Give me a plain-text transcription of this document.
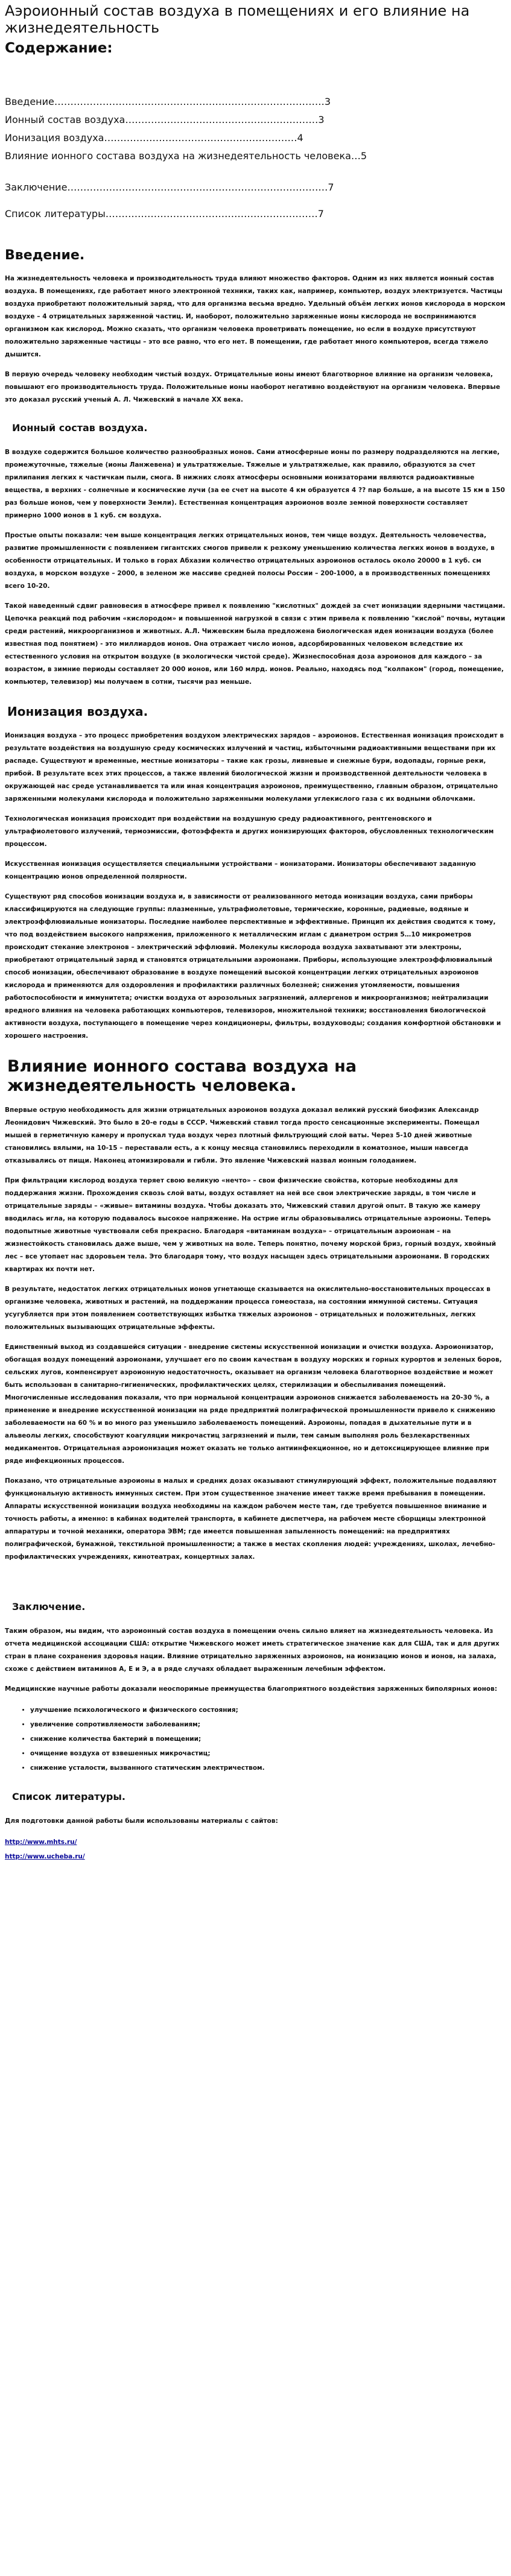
Аэроионный состав воздуха в помещениях и его влияние на жизнедеятельность
Содержание:
Введение…………………………………………………………………………3
Ионный состав воздуха……………………………………………………3
Ионизация воздуха……………………………………………………4
Влияние ионного состава воздуха на жизнедеятельность человека…5
Заключение………………………………………………………………………7
Список литературы…………………………………………………………7
Введение.

На жизнедеятельность человека и производительность труда влияют множество факторов. Одним из них является ионный состав воздуха. В помещениях, где работает много электронной техники, таких как, например, компьютер, воздух электризуется. Частицы воздуха приобретают положительный заряд, что для организма весьма вредно. Удельный объём легких ионов кислорода в морском воздухе – 4 отрицательных заряженной частиц. И, наоборот, положительно заряженные ионы кислорода не воспринимаются организмом как кислород. Можно сказать, что организм человека проветривать помещение, но если в воздухе присутствуют положительно заряженные частицы – это все равно, что его нет. В помещении, где работает много компьютеров, всегда тяжело дышится.

В первую очередь человеку необходим чистый воздух. Отрицательные ионы имеют благотворное влияние на организм человека, повышают его производительность труда. Положительные ионы наоборот негативно воздействуют на организм человека. Впервые это доказал русский ученый А. Л. Чижевский в начале XX века.

Ионный состав воздуха.

В воздухе содержится большое количество разнообразных ионов. Сами атмосферные ионы по размеру подразделяются на легкие, промежуточные, тяжелые (ионы Ланжевена) и ультратяжелые. Тяжелые и ультратяжелые, как правило, образуются за счет прилипания легких к частичкам пыли, смога. В нижних слоях атмосферы основными ионизаторами являются радиоактивные вещества, в верхних - солнечные и космические лучи (за ее счет на высоте 4 км образуется 4 ?? пар больше, а на высоте 15 км в 150 раз больше ионов, чем у поверхности Земли). Естественная концентрация аэроионов возле земной поверхности составляет примерно 1000 ионов в 1 куб. см воздуха.

Простые опыты показали: чем выше концентрация легких отрицательных ионов, тем чище воздух. Деятельность человечества, развитие промышленности с появлением гигантских смогов привели к резкому уменьшению количества легких ионов в воздухе, в особенности отрицательных. И только в горах Абхазии количество отрицательных аэроионов осталось около 20000 в 1 куб. см воздуха, в морском воздухе – 2000, в зеленом же массиве средней полосы России – 200-1000, а в производственных помещениях всего 10-20.

Такой наведенный сдвиг равновесия в атмосфере привел к появлению "кислотных" дождей за счет ионизации ядерными частицами. Цепочка реакций под рабочим «кислородом» и повышенной нагрузкой в связи с этим привела к появлению "кислой" почвы, мутации среди растений, микроорганизмов и животных. А.Л. Чижевским была предложена биологическая идея ионизации воздуха (более известная под понятием) - это миллиардов ионов. Она отражает число ионов, адсорбированных человеком вследствие их естественного условия на открытом воздухе (в экологически чистой среде). Жизнеспособная доза аэроионов для каждого – за возрастом, в зимние периоды составляет 20 000 ионов, или 160 млрд. ионов. Реально, находясь под "колпаком" (город, помещение, компьютер, телевизор) мы получаем в сотни, тысячи раз меньше.

Ионизация воздуха.

Ионизация воздуха – это процесс приобретения воздухом электрических зарядов – аэроионов. Естественная ионизация происходит в результате воздействия на воздушную среду космических излучений и частиц, избыточными радиоактивными веществами при их распаде. Существуют и временные, местные ионизаторы – такие как грозы, ливневые и снежные бури, водопады, горные реки, прибой. В результате всех этих процессов, а также явлений биологической жизни и производственной деятельности человека в окружающей нас среде устанавливается та или иная концентрация аэроионов, преимущественно, главным образом, отрицательно заряженными молекулами кислорода и положительно заряженными молекулами углекислого газа с их водными облочками.

Технологическая ионизация происходит при воздействии на воздушную среду радиоактивного, рентгеновского и ультрафиолетового излучений, термоэмиссии, фотоэффекта и других ионизирующих факторов, обусловленных технологическим процессом.

Искусственная ионизация осуществляется специальными устройствами – ионизаторами. Ионизаторы обеспечивают заданную концентрацию ионов определенной полярности.

Существуют ряд способов ионизации воздуха и, в зависимости от реализованного метода ионизации воздуха, сами приборы классифицируются на следующие группы: плазменные, ультрафиолетовые, термические, коронные, радиевые, водяные и электроэффлювиальные ионизаторы. Последние наиболее перспективные и эффективные. Принцип их действия сводится к тому, что под воздействием высокого напряжения, приложенного к металлическим иглам с диаметром острия 5…10 микрометров происходит стекание электронов – электрический эффлювий. Молекулы кислорода воздуха захватывают эти электроны, приобретают отрицательный заряд и становятся отрицательными аэроионами. Приборы, использующие электроэффлювиальный способ ионизации, обеспечивают образование в воздухе помещений высокой концентрации легких отрицательных аэроионов кислорода и применяются для оздоровления и профилактики различных болезней; снижения утомляемости, повышения работоспособности и иммунитета; очистки воздуха от аэрозольных загрязнений, аллергенов и микроорганизмов; нейтрализации вредного влияния на человека работающих компьютеров, телевизоров, множительной техники; восстановления биологической активности воздуха, поступающего в помещение через кондиционеры, фильтры, воздуховоды; создания комфортной обстановки и хорошего настроения.

Влияние ионного состава воздуха на жизнедеятельность человека.

Впервые острую необходимость для жизни отрицательных аэроионов воздуха доказал великий русский биофизик Александр Леонидович Чижевский. Это было в 20-е годы в СССР. Чижевский ставил тогда просто сенсационные эксперименты. Помещал мышей в герметичную камеру и пропускал туда воздух через плотный фильтрующий слой ваты. Через 5-10 дней животные становились вялыми, на 10-15 – переставали есть, а к концу месяца становились переходили в коматозное, мыши навсегда отказывались от пищи. Наконец атомизировали и гибли. Это явление Чижевский назвал ионным голоданием.

При фильтрации кислород воздуха теряет свою великую «нечто» – свои физические свойства, которые необходимы для поддержания жизни. Прохождения сквозь слой ваты, воздух оставляет на ней все свои электрические заряды, в том числе и отрицательные заряды – «живые» витамины воздуха. Чтобы доказать это, Чижевский ставил другой опыт. В такую же камеру вводилась игла, на которую подавалось высокое напряжение. На острие иглы образовывались отрицательные аэроионы. Теперь подопытные животные чувствовали себя прекрасно. Благодаря «витаминам воздуха» – отрицательным аэроионам – на жизнестойкость становилась даже выше, чем у животных на воле. Теперь понятно, почему морской бриз, горный воздух, хвойный лес – все утопает нас здоровьем тела. Это благодаря тому, что воздух насыщен здесь отрицательными аэроионами. В городских квартирах их почти нет.

В результате, недостаток легких отрицательных ионов угнетающе сказывается на окислительно-восстановительных процессах в организме человека, животных и растений, на поддержании процесса гомеостаза, на состоянии иммунной системы. Ситуация усугубляется при этом появлением соответствующих избытка тяжелых аэроионов – отрицательных и положительных, легких положительных вызывающих отрицательные эффекты.

Единственный выход из создавшейся ситуации - внедрение системы искусственной ионизации и очистки воздуха. Аэроионизатор, обогащая воздух помещений аэроионами, улучшает его по своим качествам в воздуху морских и горных курортов и зеленых боров, сельских лугов, компенсирует аэроионную недостаточность, оказывает на организм человека благотворное воздействие и может быть использован в санитарно-гигиенических, профилактических целях, стерилизации и обеспыливания помещений. Многочисленные исследования показали, что при нормальной концентрации аэроионов снижается заболеваемость на 20-30 %, а применение и внедрение искусственной ионизации на ряде предприятий полиграфической промышленности привело к снижению заболеваемости на 60 % и во много раз уменьшило заболеваемость помещений. Аэроионы, попадая в дыхательные пути и в альвеолы легких, способствуют коагуляции микрочастиц загрязнений и пыли, тем самым выполняя роль безлекарственных медикаментов. Отрицательная аэроионизация может оказать не только антиинфекционное, но и детоксицирующее влияние при ряде инфекционных процессов.

Показано, что отрицательные аэроионы в малых и средних дозах оказывают стимулирующий эффект, положительные подавляют функциональную активность иммунных систем. При этом существенное значение имеет также время пребывания в помещении. Аппараты искусственной ионизации воздуха необходимы на каждом рабочем месте там, где требуется повышенное внимание и точность работы, а именно: в кабинах водителей транспорта, в кабинете диспетчера, на рабочем месте сборщицы электронной аппаратуры и точной механики, оператора ЭВМ; где имеется повышенная запыленность помещений: на предприятиях полиграфической, бумажной, текстильной промышленности; а также в местах скопления людей: учреждениях, школах, лечебно-профилактических учреждениях, кинотеатрах, концертных залах.

Заключение.

Таким образом, мы видим, что аэроионный состав воздуха в помещении очень сильно влияет на жизнедеятельность человека. Из отчета медицинской ассоциации США: открытие Чижевского может иметь стратегическое значение как для США, так и для других стран в плане сохранения здоровья нации. Влияние отрицательно заряженных аэроионов, на ионизацию ионов и ионов, на залаха, схоже с действием витаминов А, Е и Э, а в ряде случаях обладает выраженным лечебным эффектом.

Медицинские научные работы доказали неоспоримые преимущества благоприятного воздействия заряженных биполярных ионов:

• улучшение психологического и физического состояния;
• увеличение сопротивляемости заболеваниям;
• снижение количества бактерий в помещении;
• очищение воздуха от взвешенных микрочастиц;
• снижение усталости, вызванного статическим электричеством.
Список литературы.

Для подготовки данной работы были использованы материалы с сайтов:

http://www.mhts.ru/
http://www.ucheba.ru/
